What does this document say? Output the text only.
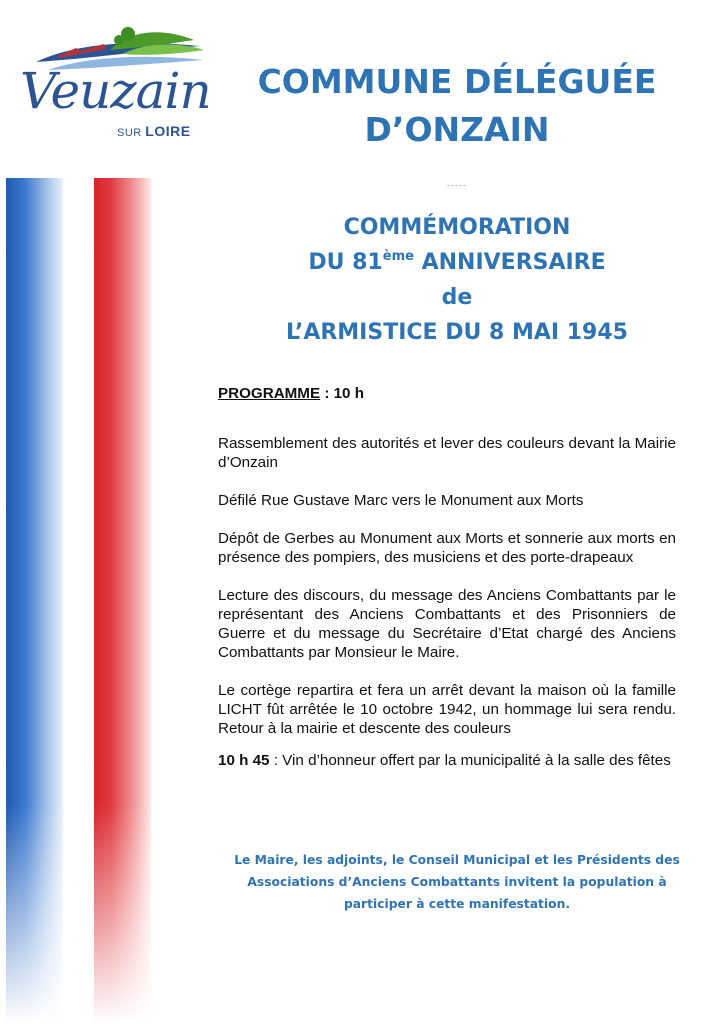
Veuzain
SUR LOIRE
COMMUNE DÉLÉGUÉE
D’ONZAIN
-----
COMMÉMORATION
DU 81ème ANNIVERSAIRE
de
L’ARMISTICE DU 8 MAI 1945

PROGRAMME : 10 h

Rassemblement des autorités et lever des couleurs devant la Mairie d’Onzain

Défilé Rue Gustave Marc vers le Monument aux Morts

Dépôt de Gerbes au Monument aux Morts et sonnerie aux morts en présence des pompiers, des musiciens et des porte-drapeaux

Lecture des discours, du message des Anciens Combattants par le représentant des Anciens Combattants et des Prisonniers de Guerre et du message du Secrétaire d’Etat chargé des Anciens Combattants par Monsieur le Maire.

Le cortège repartira et fera un arrêt devant la maison où la famille LICHT fût arrêtée le 10 octobre 1942, un hommage lui sera rendu. Retour à la mairie et descente des couleurs

10 h 45 : Vin d’honneur offert par la municipalité à la salle des fêtes

Le Maire, les adjoints, le Conseil Municipal et les Présidents des Associations d’Anciens Combattants invitent la population à participer à cette manifestation.
